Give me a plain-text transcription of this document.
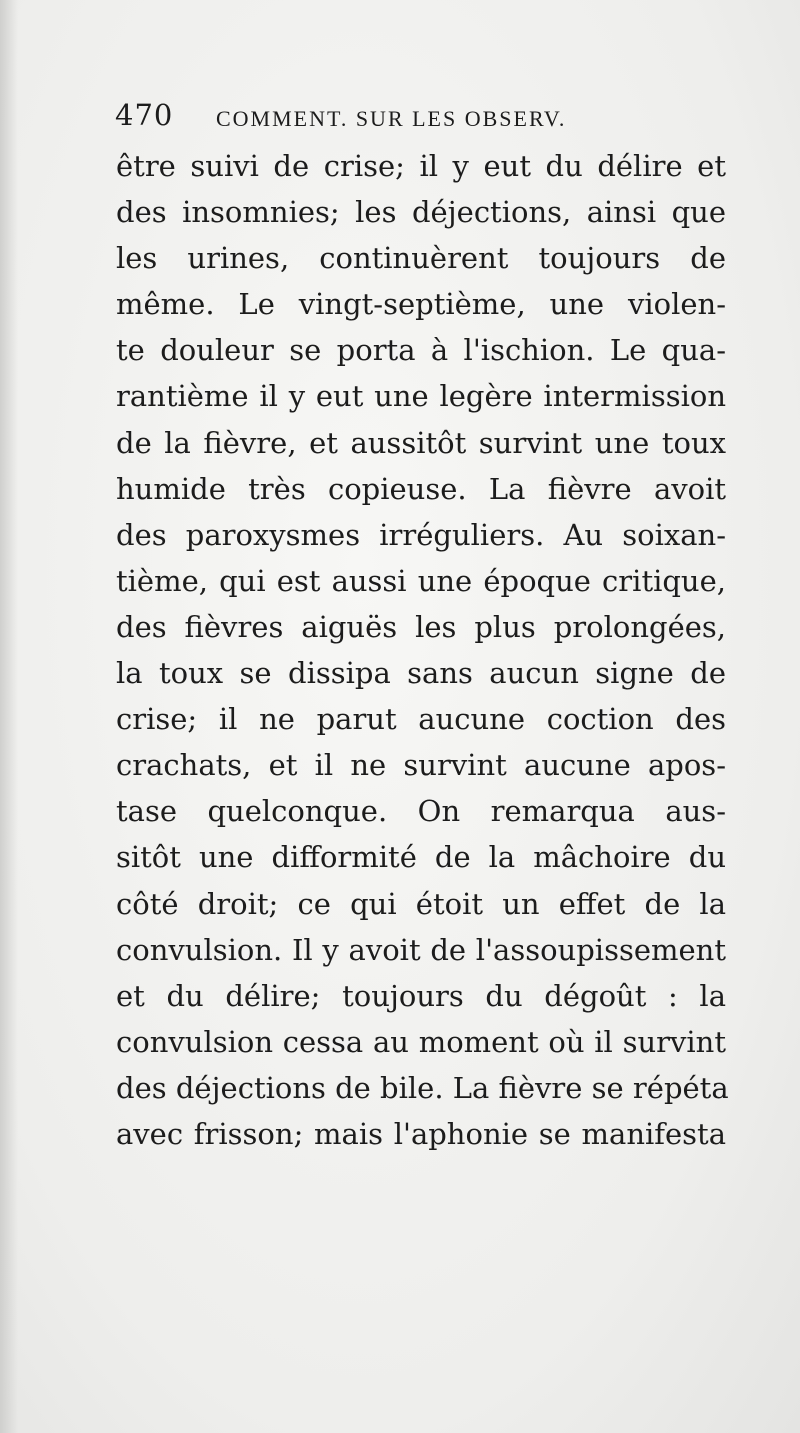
470 COMMENT. SUR LES OBSERV.
être suivi de crise; il y eut du délire et
des insomnies; les déjections, ainsi que
les urines, continuèrent toujours de
même. Le vingt-septième, une violen-
te douleur se porta à l'ischion. Le qua-
rantième il y eut une legère intermission
de la fièvre, et aussitôt survint une toux
humide très copieuse. La fièvre avoit
des paroxysmes irréguliers. Au soixan-
tième, qui est aussi une époque critique,
des fièvres aiguës les plus prolongées,
la toux se dissipa sans aucun signe de
crise; il ne parut aucune coction des
crachats, et il ne survint aucune apos-
tase quelconque. On remarqua aus-
sitôt une difformité de la mâchoire du
côté droit; ce qui étoit un effet de la
convulsion. Il y avoit de l'assoupissement
et du délire; toujours du dégoût : la
convulsion cessa au moment où il survint
des déjections de bile. La fièvre se répéta
avec frisson; mais l'aphonie se manifesta
